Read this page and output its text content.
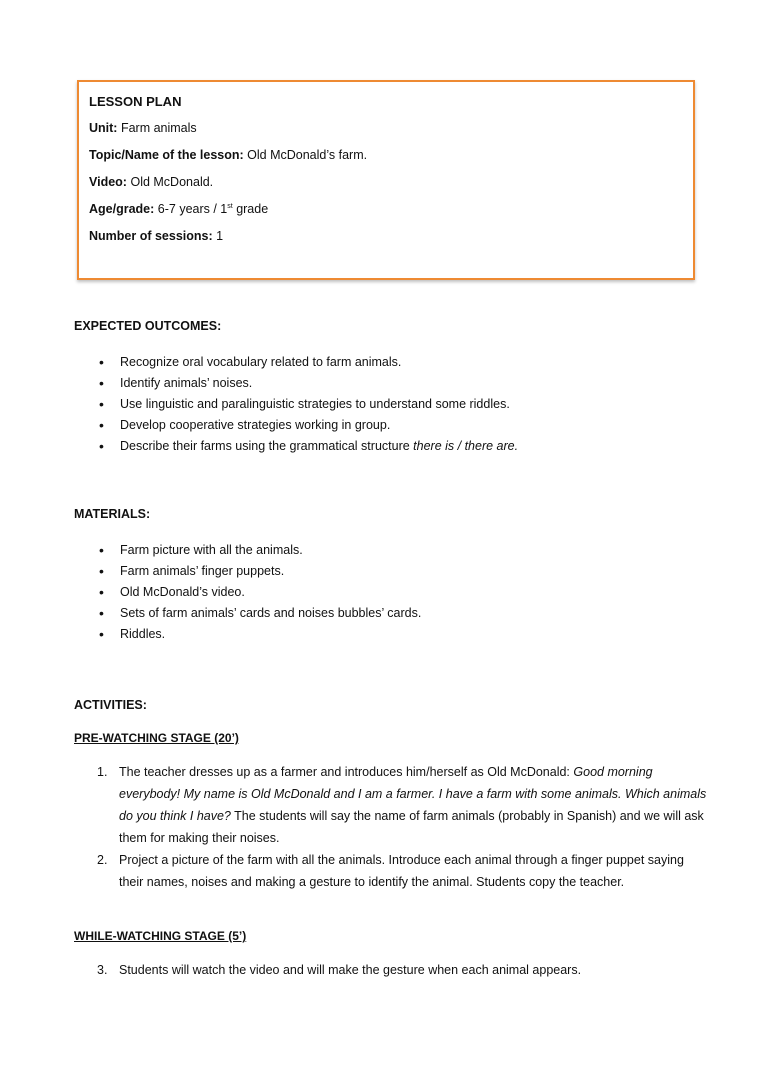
LESSON PLAN
Unit: Farm animals
Topic/Name of the lesson: Old McDonald’s farm.
Video: Old McDonald.
Age/grade: 6-7 years / 1st grade
Number of sessions: 1
EXPECTED OUTCOMES:
• Recognize oral vocabulary related to farm animals.
• Identify animals’ noises.
• Use linguistic and paralinguistic strategies to understand some riddles.
• Develop cooperative strategies working in group.
• Describe their farms using the grammatical structure there is / there are.
MATERIALS:
• Farm picture with all the animals.
• Farm animals’ finger puppets.
• Old McDonald’s video.
• Sets of farm animals’ cards and noises bubbles’ cards.
• Riddles.
ACTIVITIES:
PRE-WATCHING STAGE (20’)
1. The teacher dresses up as a farmer and introduces him/herself as Old McDonald: Good morning everybody! My name is Old McDonald and I am a farmer. I have a farm with some animals. Which animals do you think I have? The students will say the name of farm animals (probably in Spanish) and we will ask them for making their noises.
2. Project a picture of the farm with all the animals. Introduce each animal through a finger puppet saying their names, noises and making a gesture to identify the animal. Students copy the teacher.
WHILE-WATCHING STAGE (5’)
3. Students will watch the video and will make the gesture when each animal appears.
